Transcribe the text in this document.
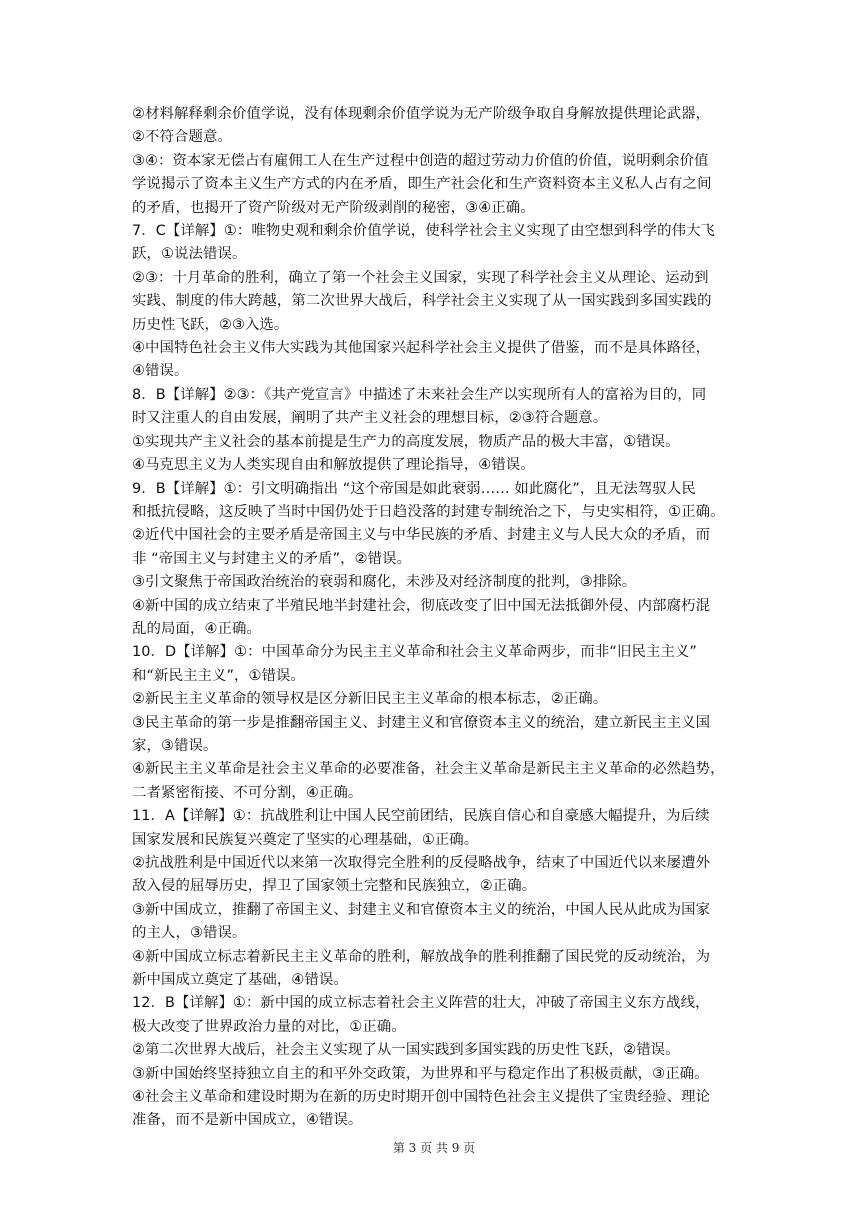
②材料解释剩余价值学说，没有体现剩余价值学说为无产阶级争取自身解放提供理论武器，
②不符合题意。
③④：资本家无偿占有雇佣工人在生产过程中创造的超过劳动力价值的价值，说明剩余价值
学说揭示了资本主义生产方式的内在矛盾，即生产社会化和生产资料资本主义私人占有之间
的矛盾，也揭开了资产阶级对无产阶级剥削的秘密，③④正确。
7．C【详解】①：唯物史观和剩余价值学说，使科学社会主义实现了由空想到科学的伟大飞
跃，①说法错误。
②③：十月革命的胜利，确立了第一个社会主义国家，实现了科学社会主义从理论、运动到
实践、制度的伟大跨越，第二次世界大战后，科学社会主义实现了从一国实践到多国实践的
历史性飞跃，②③入选。
④中国特色社会主义伟大实践为其他国家兴起科学社会主义提供了借鉴，而不是具体路径，
④错误。
8．B【详解】②③：《共产党宣言》中描述了未来社会生产以实现所有人的富裕为目的，同
时又注重人的自由发展，阐明了共产主义社会的理想目标，②③符合题意。
①实现共产主义社会的基本前提是生产力的高度发展，物质产品的极大丰富，①错误。
④马克思主义为人类实现自由和解放提供了理论指导，④错误。
9．B【详解】①：引文明确指出 “这个帝国是如此衰弱…… 如此腐化”，且无法驾驭人民
和抵抗侵略，这反映了当时中国仍处于日趋没落的封建专制统治之下，与史实相符，①正确。
②近代中国社会的主要矛盾是帝国主义与中华民族的矛盾、封建主义与人民大众的矛盾，而
非 “帝国主义与封建主义的矛盾”，②错误。
③引文聚焦于帝国政治统治的衰弱和腐化，未涉及对经济制度的批判，③排除。
④新中国的成立结束了半殖民地半封建社会，彻底改变了旧中国无法抵御外侵、内部腐朽混
乱的局面，④正确。
10．D【详解】①：中国革命分为民主主义革命和社会主义革命两步，而非“旧民主主义”
和“新民主主义”，①错误。
②新民主主义革命的领导权是区分新旧民主主义革命的根本标志，②正确。
③民主革命的第一步是推翻帝国主义、封建主义和官僚资本主义的统治，建立新民主主义国
家，③错误。
④新民主主义革命是社会主义革命的必要准备，社会主义革命是新民主主义革命的必然趋势，
二者紧密衔接、不可分割，④正确。
11．A【详解】①：抗战胜利让中国人民空前团结，民族自信心和自豪感大幅提升，为后续
国家发展和民族复兴奠定了坚实的心理基础，①正确。
②抗战胜利是中国近代以来第一次取得完全胜利的反侵略战争，结束了中国近代以来屡遭外
敌入侵的屈辱历史，捍卫了国家领土完整和民族独立，②正确。
③新中国成立，推翻了帝国主义、封建主义和官僚资本主义的统治，中国人民从此成为国家
的主人，③错误。
④新中国成立标志着新民主主义革命的胜利，解放战争的胜利推翻了国民党的反动统治，为
新中国成立奠定了基础，④错误。
12．B【详解】①：新中国的成立标志着社会主义阵营的壮大，冲破了帝国主义东方战线，
极大改变了世界政治力量的对比，①正确。
②第二次世界大战后，社会主义实现了从一国实践到多国实践的历史性飞跃，②错误。
③新中国始终坚持独立自主的和平外交政策，为世界和平与稳定作出了积极贡献，③正确。
④社会主义革命和建设时期为在新的历史时期开创中国特色社会主义提供了宝贵经验、理论
准备，而不是新中国成立，④错误。
第 3 页 共 9 页
